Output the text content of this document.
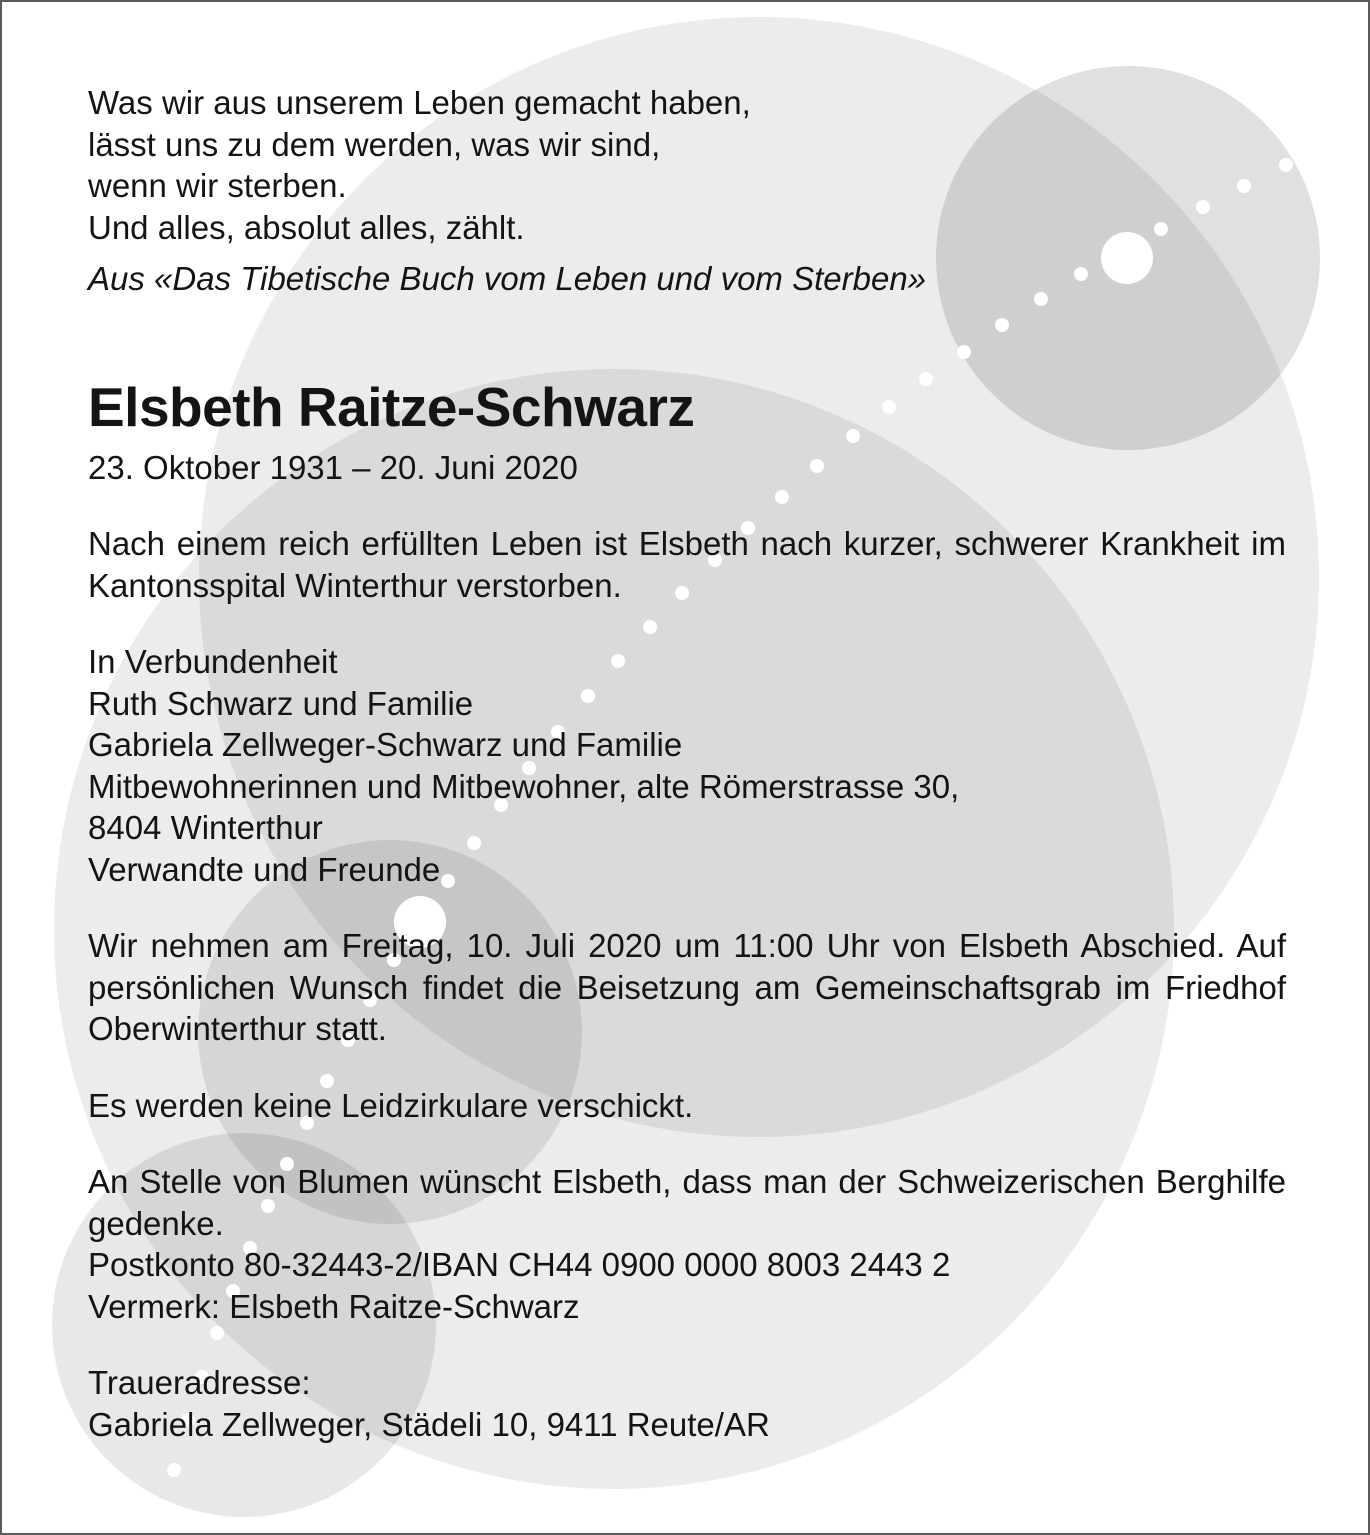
Was wir aus unserem Leben gemacht haben,
lässt uns zu dem werden, was wir sind,
wenn wir sterben.
Und alles, absolut alles, zählt.

Aus «Das Tibetische Buch vom Leben und vom Sterben»

Elsbeth Raitze-Schwarz

23. Oktober 1931 – 20. Juni 2020

Nach einem reich erfüllten Leben ist Elsbeth nach kurzer, schwerer Krankheit im Kantonsspital Winterthur verstorben.

In Verbundenheit
Ruth Schwarz und Familie
Gabriela Zellweger-Schwarz und Familie
Mitbewohnerinnen und Mitbewohner, alte Römerstrasse 30,
8404 Winterthur
Verwandte und Freunde

Wir nehmen am Freitag, 10. Juli 2020 um 11:00 Uhr von Elsbeth Abschied. Auf persönlichen Wunsch findet die Beisetzung am Gemeinschaftsgrab im Friedhof Oberwinterthur statt.

Es werden keine Leidzirkulare verschickt.

An Stelle von Blumen wünscht Elsbeth, dass man der Schweizerischen Berghilfe gedenke.

Postkonto 80-32443-2/IBAN CH44 0900 0000 8003 2443 2
Vermerk: Elsbeth Raitze-Schwarz
Traueradresse:
Gabriela Zellweger, Städeli 10, 9411 Reute/AR
